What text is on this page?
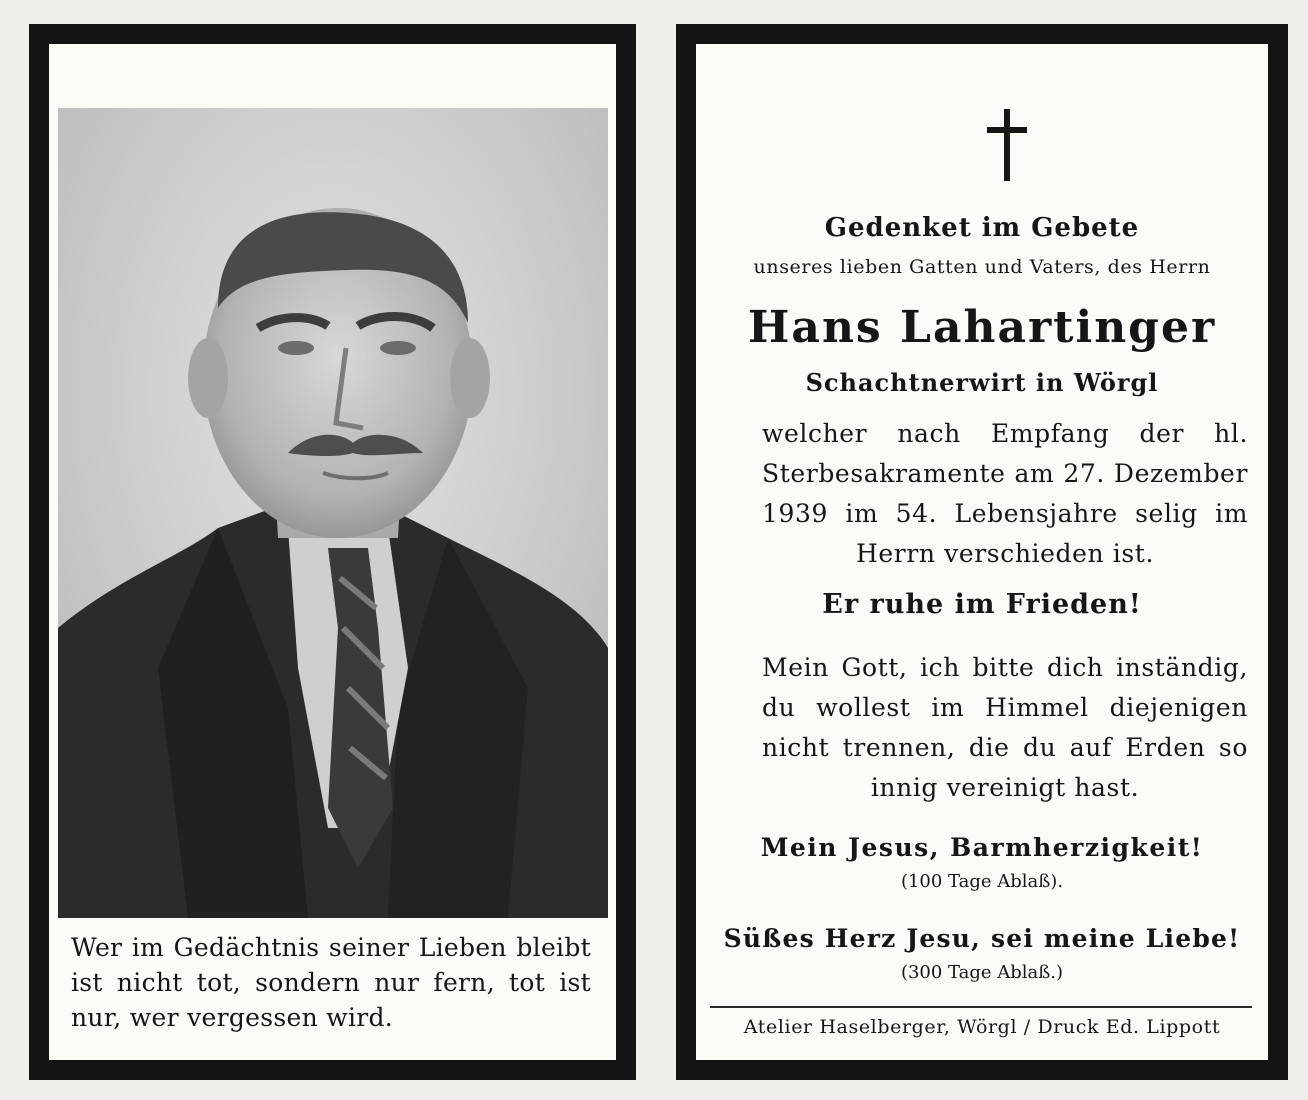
Wer im Gedächtnis seiner Lieben bleibt ist nicht tot, sondern nur fern, tot ist nur, wer vergessen wird.
Gedenket im Gebete
unseres lieben Gatten und Vaters, des Herrn
Hans Lahartinger
Schachtnerwirt in Wörgl
welcher nach Empfang der hl. Sterbesakramente am 27. Dezember 1939 im 54. Lebensjahre selig im Herrn verschieden ist.
Er ruhe im Frieden!
Mein Gott, ich bitte dich inständig, du wollest im Himmel diejenigen nicht trennen, die du auf Erden so innig vereinigt hast.
Mein Jesus, Barmherzigkeit!
(100 Tage Ablaß).
Süßes Herz Jesu, sei meine Liebe!
(300 Tage Ablaß.)
Atelier Haselberger, Wörgl / Druck Ed. Lippott
